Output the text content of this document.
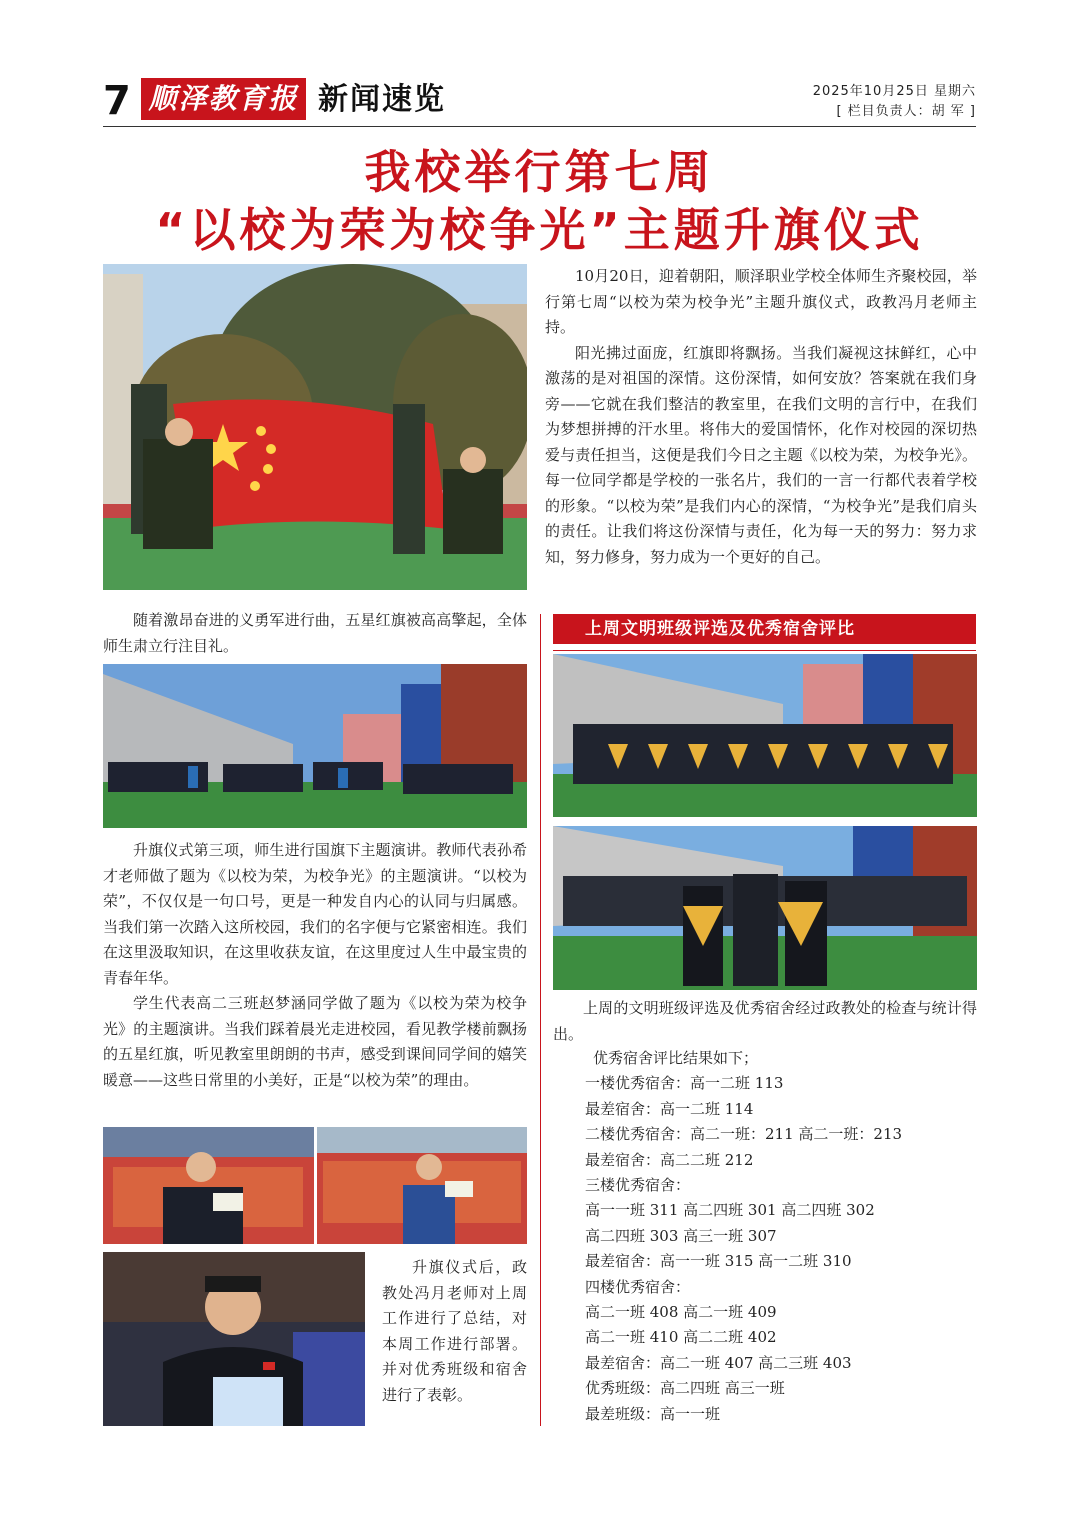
7 顺泽教育报 新闻速览	2025年10月25日 星期六
[ 栏目负责人：胡 军 ]
我校举行第七周
“以校为荣为校争光”主题升旗仪式

10月20日，迎着朝阳，顺泽职业学校全体师生齐聚校园，举行第七周“以校为荣为校争光”主题升旗仪式，政教冯月老师主持。

阳光拂过面庞，红旗即将飘扬。当我们凝视这抹鲜红，心中激荡的是对祖国的深情。这份深情，如何安放？答案就在我们身旁——它就在我们整洁的教室里，在我们文明的言行中，在我们为梦想拼搏的汗水里。将伟大的爱国情怀，化作对校园的深切热爱与责任担当，这便是我们今日之主题《以校为荣，为校争光》。每一位同学都是学校的一张名片，我们的一言一行都代表着学校的形象。“以校为荣”是我们内心的深情，“为校争光”是我们肩头的责任。让我们将这份深情与责任，化为每一天的努力：努力求知，努力修身，努力成为一个更好的自己。

随着激昂奋进的义勇军进行曲，五星红旗被高高擎起，全体师生肃立行注目礼。

升旗仪式第三项，师生进行国旗下主题演讲。教师代表孙希才老师做了题为《以校为荣，为校争光》的主题演讲。“以校为荣”，不仅仅是一句口号，更是一种发自内心的认同与归属感。当我们第一次踏入这所校园，我们的名字便与它紧密相连。我们在这里汲取知识，在这里收获友谊，在这里度过人生中最宝贵的青春年华。

学生代表高二三班赵梦涵同学做了题为《以校为荣为校争光》的主题演讲。当我们踩着晨光走进校园，看见教学楼前飘扬的五星红旗，听见教室里朗朗的书声，感受到课间同学间的嬉笑暖意——这些日常里的小美好，正是“以校为荣”的理由。

升旗仪式后，政教处冯月老师对上周工作进行了总结，对本周工作进行部署。并对优秀班级和宿舍进行了表彰。

上周文明班级评选及优秀宿舍评比

上周的文明班级评选及优秀宿舍经过政教处的检查与统计得出。

优秀宿舍评比结果如下；
一楼优秀宿舍：高一二班 113
最差宿舍：高一二班 114
二楼优秀宿舍：高二一班：211 高二一班：213
最差宿舍：高二二班 212
三楼优秀宿舍：
高一一班 311 高二四班 301 高二四班 302
高二四班 303 高三一班 307
最差宿舍：高一一班 315 高一二班 310
四楼优秀宿舍：
高二一班 408 高二一班 409
高二一班 410 高二二班 402
最差宿舍：高二一班 407 高二三班 403
优秀班级：高二四班 高三一班
最差班级：高一一班
